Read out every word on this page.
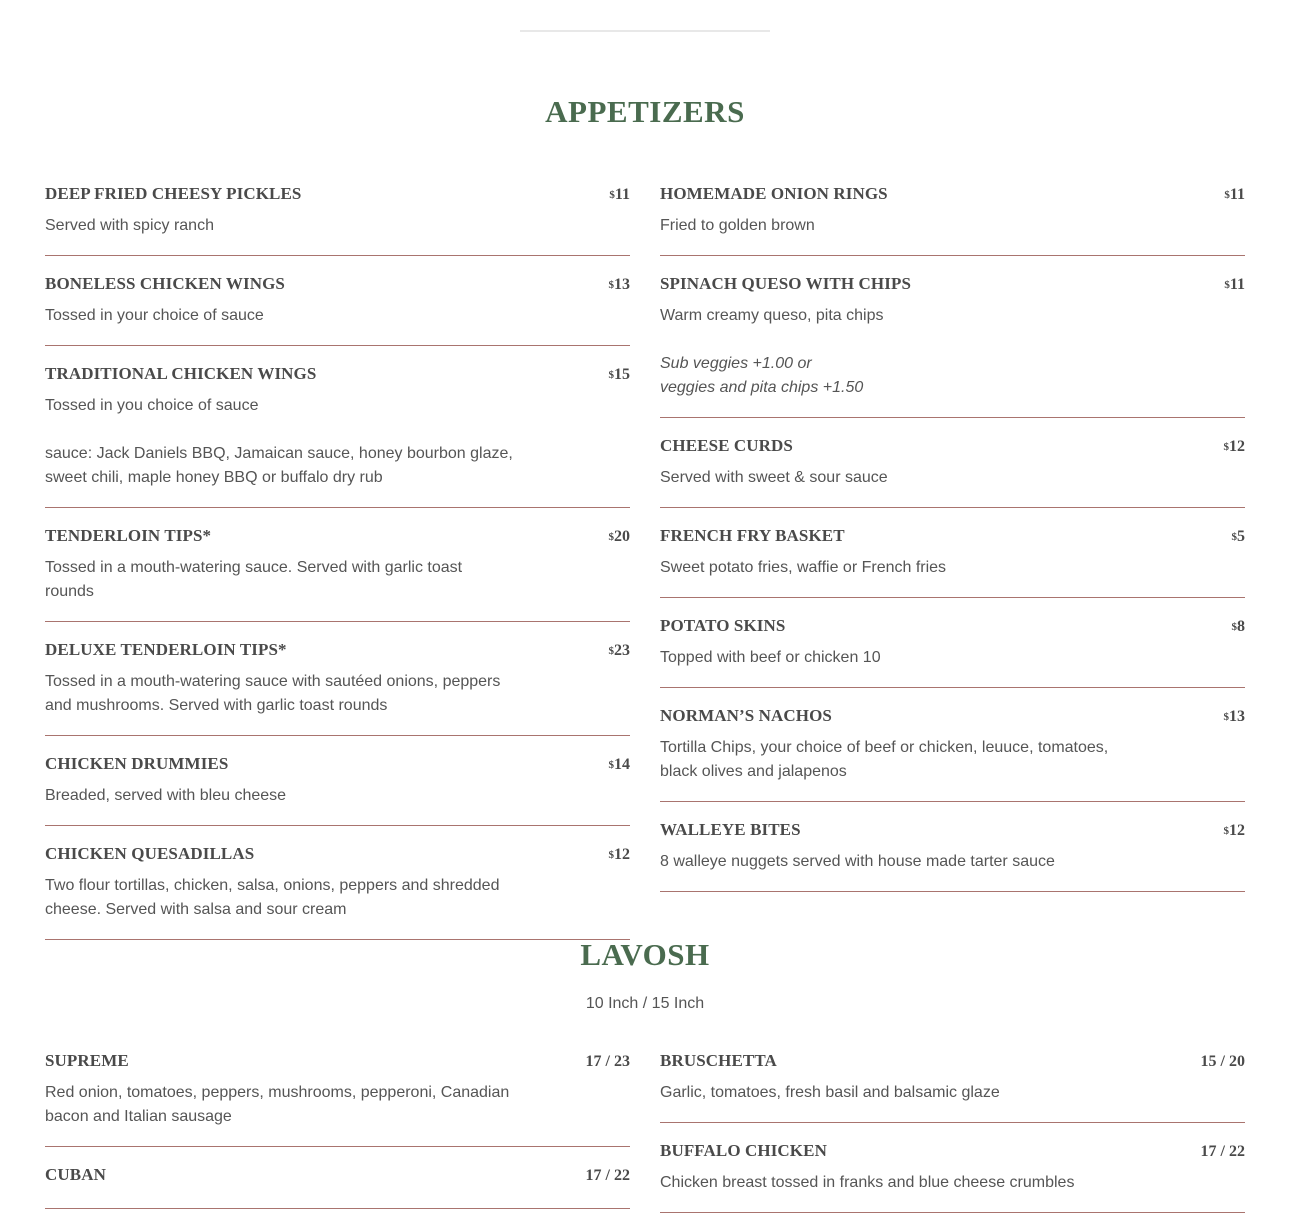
APPETIZERS
DEEP FRIED CHEESY PICKLES	$11
Served with spicy ranch
BONELESS CHICKEN WINGS	$13
Tossed in your choice of sauce
TRADITIONAL CHICKEN WINGS	$15
Tossed in you choice of sauce
sauce: Jack Daniels BBQ, Jamaican sauce, honey bourbon glaze, sweet chili, maple honey BBQ or buffalo dry rub
TENDERLOIN TIPS*	$20
Tossed in a mouth-watering sauce. Served with garlic toast rounds
DELUXE TENDERLOIN TIPS*	$23
Tossed in a mouth-watering sauce with sautéed onions, peppers and mushrooms. Served with garlic toast rounds
CHICKEN DRUMMIES	$14
Breaded, served with bleu cheese
CHICKEN QUESADILLAS	$12
Two flour tortillas, chicken, salsa, onions, peppers and shredded cheese. Served with salsa and sour cream
HOMEMADE ONION RINGS	$11
Fried to golden brown
SPINACH QUESO WITH CHIPS	$11
Warm creamy queso, pita chips
Sub veggies +1.00 or
veggies and pita chips +1.50
CHEESE CURDS	$12
Served with sweet & sour sauce
FRENCH FRY BASKET	$5
Sweet potato fries, waffie or French fries
POTATO SKINS	$8
Topped with beef or chicken 10
NORMAN’S NACHOS	$13
Tortilla Chips, your choice of beef or chicken, leuuce, tomatoes, black olives and jalapenos
WALLEYE BITES	$12
8 walleye nuggets served with house made tarter sauce
LAVOSH
10 Inch / 15 Inch
SUPREME	17 / 23
Red onion, tomatoes, peppers, mushrooms, pepperoni, Canadian bacon and Italian sausage
CUBAN	17 / 22
BRUSCHETTA	15 / 20
Garlic, tomatoes, fresh basil and balsamic glaze
BUFFALO CHICKEN	17 / 22
Chicken breast tossed in franks and blue cheese crumbles
